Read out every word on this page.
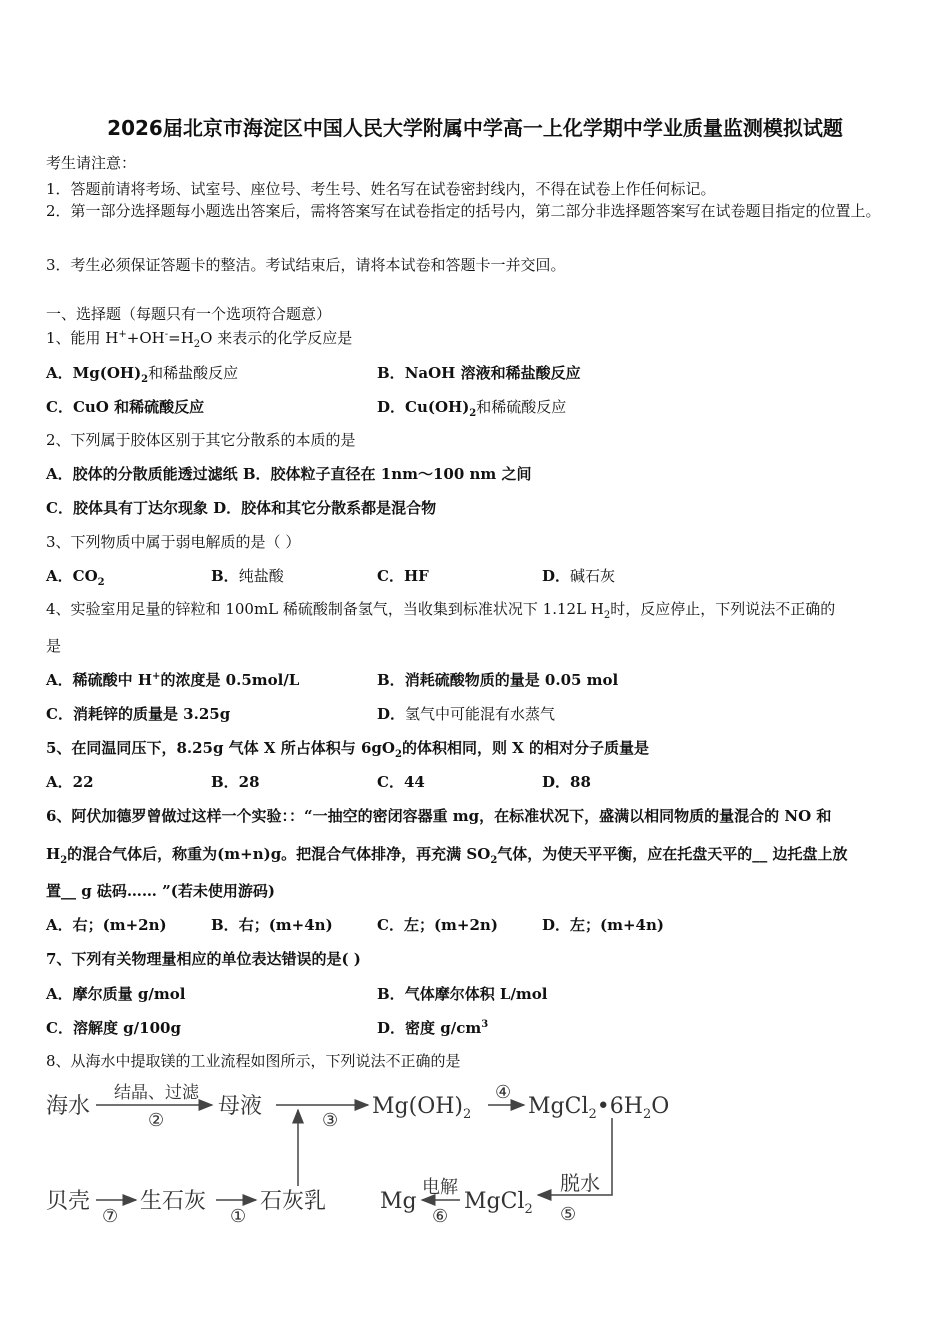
2026届北京市海淀区中国人民大学附属中学高一上化学期中学业质量监测模拟试题
考生请注意：
1．答题前请将考场、试室号、座位号、考生号、姓名写在试卷密封线内，不得在试卷上作任何标记。
2．第一部分选择题每小题选出答案后，需将答案写在试卷指定的括号内，第二部分非选择题答案写在试卷题目指定的位置上。
3．考生必须保证答题卡的整洁。考试结束后，请将本试卷和答题卡一并交回。
一、选择题（每题只有一个选项符合题意）
1、能用 $H^++OH^-=H_2O$ 来表示的化学反应是
A．$Mg(OH)_2$和稀盐酸反应	B．NaOH 溶液和稀盐酸反应
C．CuO 和稀硫酸反应	D．$Cu(OH)_2$和稀硫酸反应
2、下列属于胶体区别于其它分散系的本质的是
A．胶体的分散质能透过滤纸 B．胶体粒子直径在 1nm～100 nm 之间
C．胶体具有丁达尔现象 D．胶体和其它分散系都是混合物
3、下列物质中属于弱电解质的是（ ）
A．$CO_2$	B．纯盐酸	C．HF	D．碱石灰
4、实验室用足量的锌粒和 100mL 稀硫酸制备氢气，当收集到标准状况下 1.12L $H_2$时，反应停止，下列说法不正确的
是
A．稀硫酸中 H+的浓度是 0.5mol/L	B．消耗硫酸物质的量是 0.05 mol
C．消耗锌的质量是 3.25g	D．氢气中可能混有水蒸气
5、在同温同压下，8.25g 气体 X 所占体积与 $6gO_2$的体积相同，则 X 的相对分子质量是
A．22	B．28	C．44	D．88
6、阿伏加德罗曾做过这样一个实验：：“一抽空的密闭容器重 mg，在标准状况下，盛满以相同物质的量混合的 NO 和
$H_2$的混合气体后，称重为(m+n)g。把混合气体排净，再充满 $SO_2$气体，为使天平平衡，应在托盘天平的__ 边托盘上放
置__ g 砝码…… ”(若未使用游码)
A．右；(m+2n)	B．右；(m+4n)	C．左；(m+2n)	D．左；(m+4n)
7、下列有关物理量相应的单位表达错误的是( )
A．摩尔质量 g/mol	B．气体摩尔体积 L/mol
C．溶解度 g/100g	D．密度 $g/cm^3$
8、从海水中提取镁的工业流程如图所示，下列说法不正确的是
海水
结晶、过滤
②
母液
③
$Mg(OH)_2$
④
$MgCl_2•6H_2O$
贝壳
⑦
生石灰
①
石灰乳 Mg
电解
⑥
MgCl$_2$
脱水
⑤
